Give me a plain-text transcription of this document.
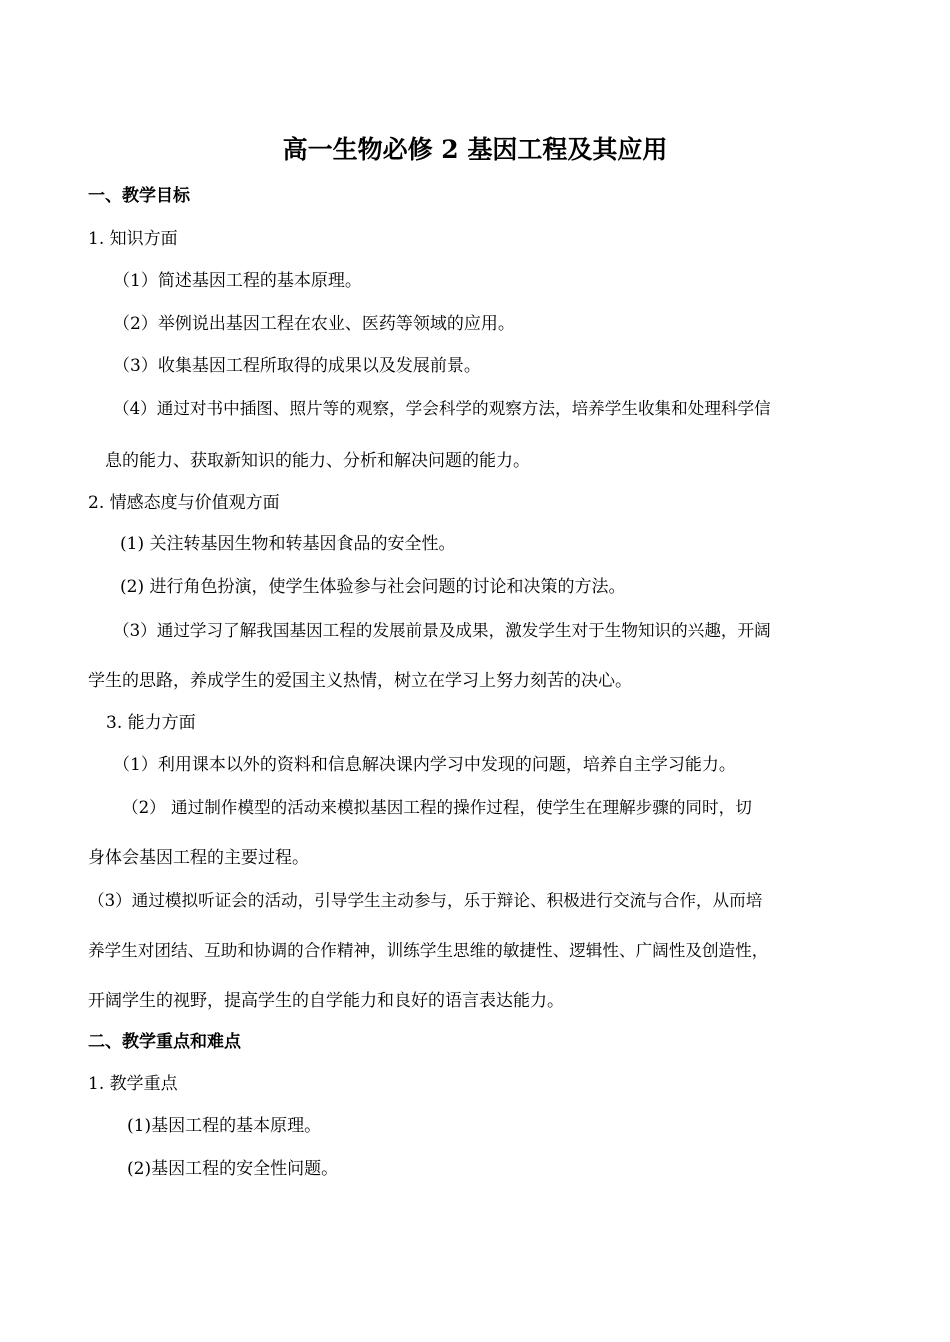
高一生物必修 2 基因工程及其应用
一、教学目标
1. 知识方面
（1）简述基因工程的基本原理。
（2）举例说出基因工程在农业、医药等领域的应用。
（3）收集基因工程所取得的成果以及发展前景。
（4）通过对书中插图、照片等的观察，学会科学的观察方法，培养学生收集和处理科学信
息的能力、获取新知识的能力、分析和解决问题的能力。
2. 情感态度与价值观方面
(1) 关注转基因生物和转基因食品的安全性。
(2) 进行角色扮演，使学生体验参与社会问题的讨论和决策的方法。
（3）通过学习了解我国基因工程的发展前景及成果，激发学生对于生物知识的兴趣，开阔
学生的思路，养成学生的爱国主义热情，树立在学习上努力刻苦的决心。
3. 能力方面
（1）利用课本以外的资料和信息解决课内学习中发现的问题，培养自主学习能力。
（2） 通过制作模型的活动来模拟基因工程的操作过程，使学生在理解步骤的同时，切
身体会基因工程的主要过程。
（3）通过模拟听证会的活动，引导学生主动参与，乐于辩论、积极进行交流与合作，从而培
养学生对团结、互助和协调的合作精神，训练学生思维的敏捷性、逻辑性、广阔性及创造性，
开阔学生的视野，提高学生的自学能力和良好的语言表达能力。
二、教学重点和难点
1. 教学重点
(1)基因工程的基本原理。
(2)基因工程的安全性问题。
